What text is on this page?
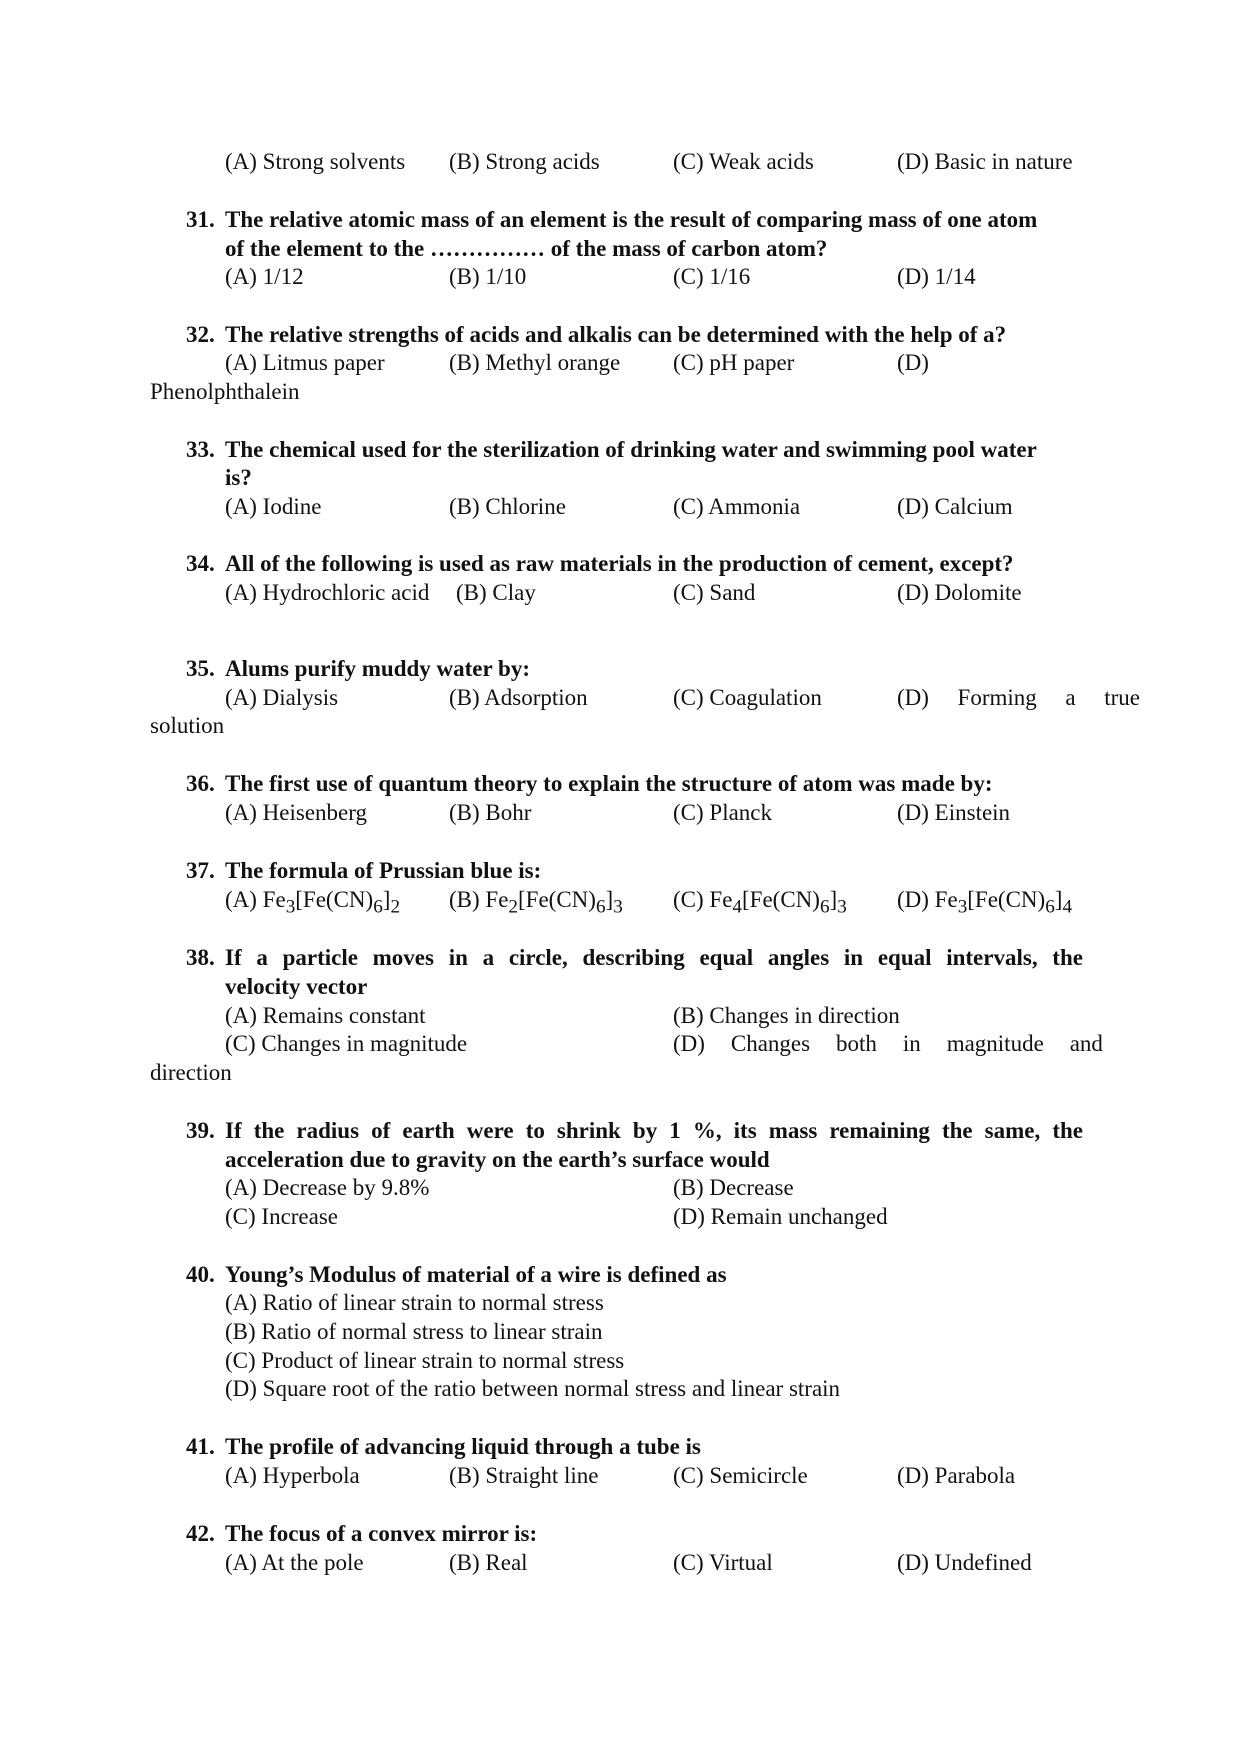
(A) Strong solvents (B) Strong acids	(C) Weak acids	(D) Basic in nature
31. The relative atomic mass of an element is the result of comparing mass of one atom
of the element to the …………… of the mass of carbon atom?
(A) 1/12	(B) 1/10	(C) 1/16	(D) 1/14
32. The relative strengths of acids and alkalis can be determined with the help of a?
(A) Litmus paper	(B) Methyl orange (C) pH paper	(D)
Phenolphthalein
33. The chemical used for the sterilization of drinking water and swimming pool water
is?
(A) Iodine	(B) Chlorine	(C) Ammonia	(D) Calcium
34. All of the following is used as raw materials in the production of cement, except?
(A) Hydrochloric acid (B) Clay	(C) Sand	(D) Dolomite
35. Alums purify muddy water by:
(A) Dialysis	(B) Adsorption	(C) Coagulation	(D) Forming a true
solution
36. The first use of quantum theory to explain the structure of atom was made by:
(A) Heisenberg	(B) Bohr	(C) Planck	(D) Einstein
37. The formula of Prussian blue is:
(A) $Fe_3[Fe(CN)_6]_2$ (B) $Fe_2[Fe(CN)_6]_3$ (C) $Fe_4[Fe(CN)_6]_3$ (D) $Fe_3[Fe(CN)_6]_4$
38. If a particle moves in a circle, describing equal angles in equal intervals, the
velocity vector
(A) Remains constant	(B) Changes in direction
(C) Changes in magnitude	(D) Changes both in magnitude and
direction
39. If the radius of earth were to shrink by 1 %, its mass remaining the same, the
acceleration due to gravity on the earth’s surface would
(A) Decrease by 9.8%	(B) Decrease
(C) Increase	(D) Remain unchanged
40. Young’s Modulus of material of a wire is defined as
(A) Ratio of linear strain to normal stress
(B) Ratio of normal stress to linear strain
(C) Product of linear strain to normal stress
(D) Square root of the ratio between normal stress and linear strain
41. The profile of advancing liquid through a tube is
(A) Hyperbola	(B) Straight line	(C) Semicircle	(D) Parabola
42. The focus of a convex mirror is:
(A) At the pole	(B) Real	(C) Virtual	(D) Undefined
